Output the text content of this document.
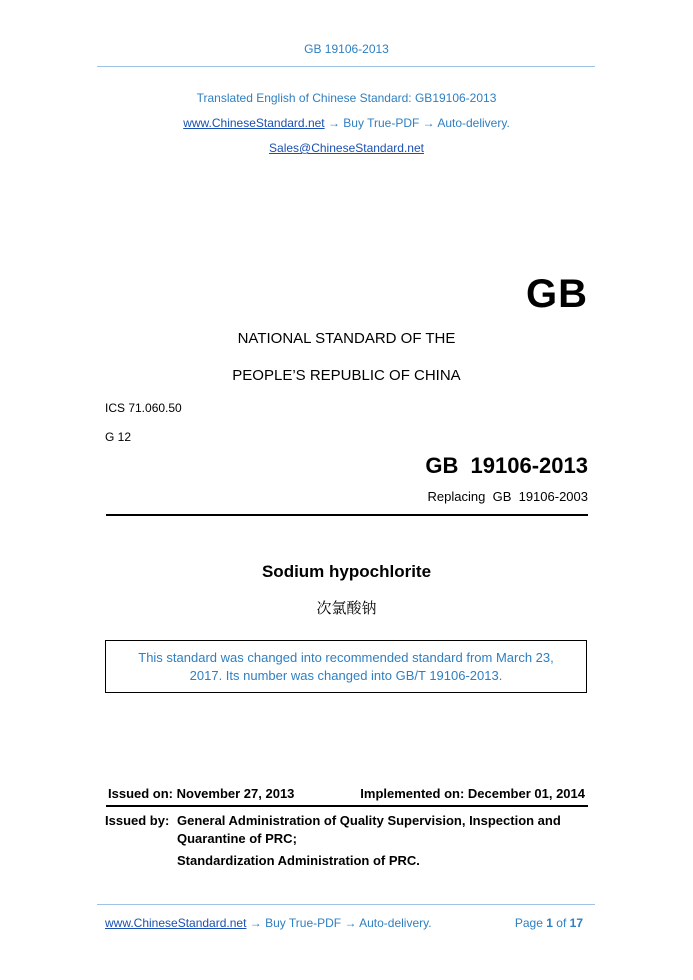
GB 19106-2013
Translated English of Chinese Standard: GB19106-2013
www.ChineseStandard.net → Buy True-PDF → Auto-delivery.
Sales@ChineseStandard.net
GB
NATIONAL STANDARD OF THE
PEOPLE’S REPUBLIC OF CHINA
ICS 71.060.50
G 12
GB  19106-2013
Replacing  GB  19106-2003
Sodium hypochlorite
次氯酸钠
This standard was changed into recommended standard from March 23,
2017. Its number was changed into GB/T 19106-2013.
Issued on: November 27, 2013	Implemented on: December 01, 2014
Issued by: General Administration of Quality Supervision, Inspection and
Quarantine of PRC;
Standardization Administration of PRC.
www.ChineseStandard.net → Buy True-PDF → Auto-delivery.	Page 1 of 17
